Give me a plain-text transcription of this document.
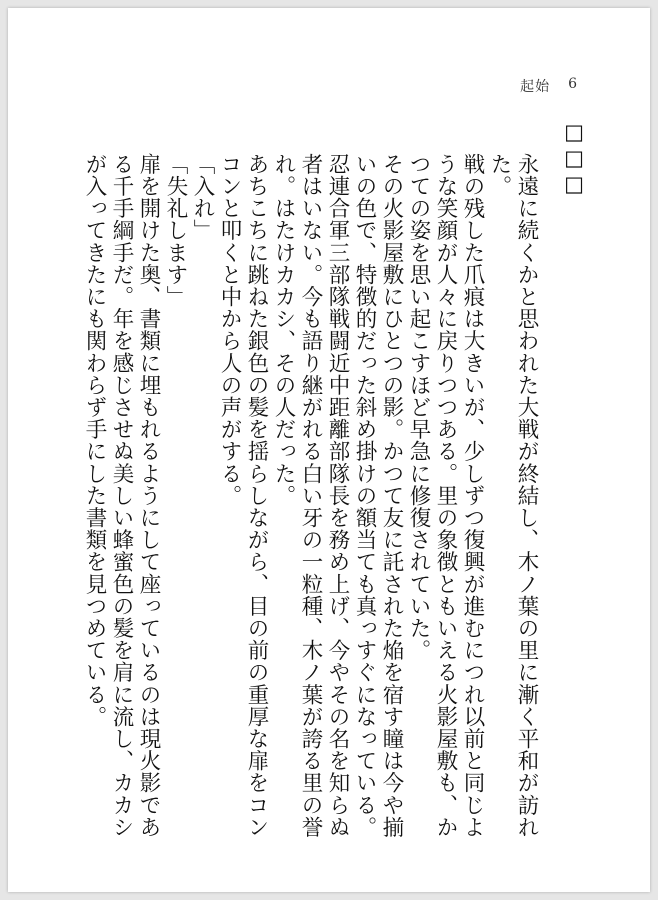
起始 6
□□□

永遠に続くかと思われた大戦が終結し、木ノ葉の里に漸く平和が訪れた。

戦の残した爪痕は大きいが、少しずつ復興が進むにつれ以前と同じような笑顔が人々に戻りつつある。里の象徴ともいえる火影屋敷も、かつての姿を思い起こすほど早急に修復されていた。

その火影屋敷にひとつの影。かつて友に託された焔を宿す瞳は今や揃いの色で、特徴的だった斜め掛けの額当ても真っすぐになっている。忍連合軍三部隊戦闘近中距離部隊長を務め上げ、今やその名を知らぬ者はいない。今も語り継がれる白い牙の一粒種、木ノ葉が誇る里の誉れ。はたけカカシ、その人だった。

あちこちに跳ねた銀色の髪を揺らしながら、目の前の重厚な扉をコンコンと叩くと中から人の声がする。

「入れ」

「失礼します」

扉を開けた奥、書類に埋もれるようにして座っているのは現火影である千手綱手だ。年を感じさせぬ美しい蜂蜜色の髪を肩に流し、カカシが入ってきたにも関わらず手にした書類を見つめている。
